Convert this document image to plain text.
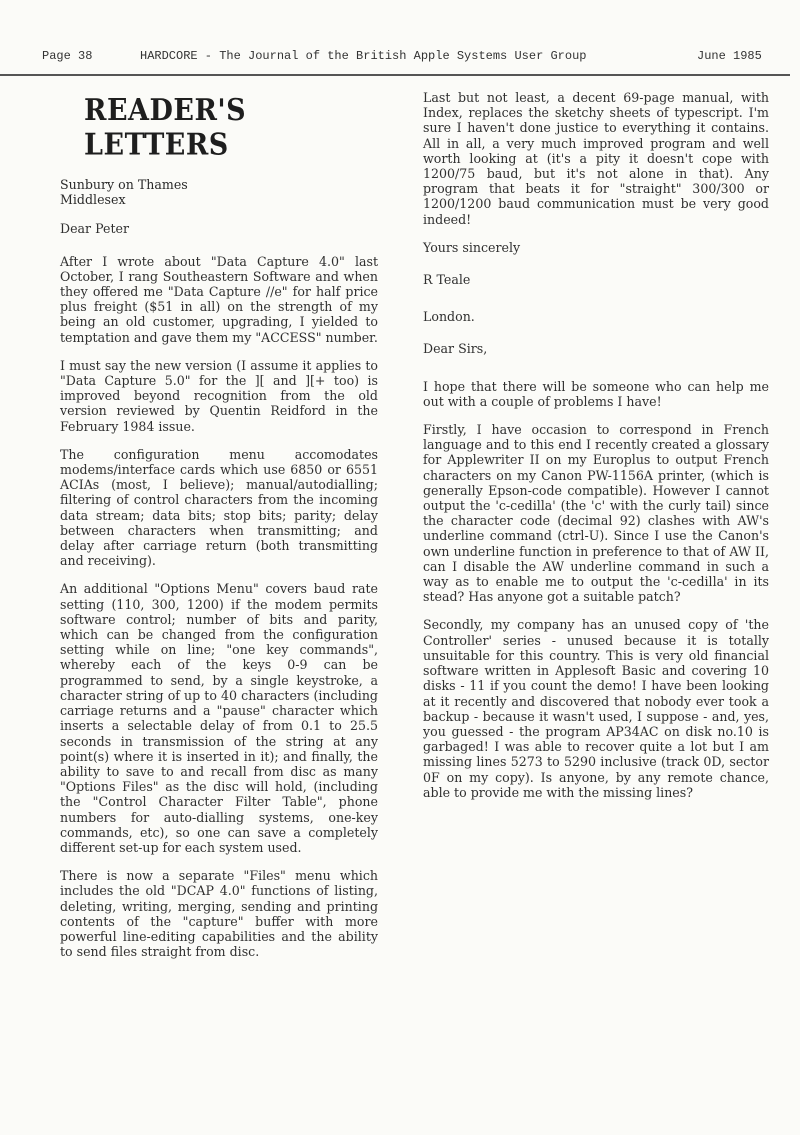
Page 38	HARDCORE - The Journal of the British Apple Systems User Group	June 1985
READER'S LETTERS
Sunbury on Thames
Middlesex

Dear Peter

After I wrote about "Data Capture 4.0" last October, I rang Southeastern Software and when they offered me "Data Capture //e" for half price plus freight ($51 in all) on the strength of my being an old customer, upgrading, I yielded to temptation and gave them my "ACCESS" number.

I must say the new version (I assume it applies to "Data Capture 5.0" for the ][ and ][+ too) is improved beyond recognition from the old version reviewed by Quentin Reidford in the February 1984 issue.

The configuration menu accomodates modems/interface cards which use 6850 or 6551 ACIAs (most, I believe); manual/autodialling; filtering of control characters from the incoming data stream; data bits; stop bits; parity; delay between characters when transmitting; and delay after carriage return (both transmitting and receiving).

An additional "Options Menu" covers baud rate setting (110, 300, 1200) if the modem permits software control; number of bits and parity, which can be changed from the configuration setting while on line; "one key commands", whereby each of the keys 0-9 can be programmed to send, by a single keystroke, a character string of up to 40 characters (including carriage returns and a "pause" character which inserts a selectable delay of from 0.1 to 25.5 seconds in transmission of the string at any point(s) where it is inserted in it); and finally, the ability to save to and recall from disc as many "Options Files" as the disc will hold, (including the "Control Character Filter Table", phone numbers for auto-dialling systems, one-key commands, etc), so one can save a completely different set-up for each system used.

There is now a separate "Files" menu which includes the old "DCAP 4.0" functions of listing, deleting, writing, merging, sending and printing contents of the "capture" buffer with more powerful line-editing capabilities and the ability to send files straight from disc.

Last but not least, a decent 69-page manual, with Index, replaces the sketchy sheets of typescript. I'm sure I haven't done justice to everything it contains. All in all, a very much improved program and well worth looking at (it's a pity it doesn't cope with 1200/75 baud, but it's not alone in that). Any program that beats it for "straight" 300/300 or 1200/1200 baud communication must be very good indeed!

Yours sincerely

R Teale

London.

Dear Sirs,

I hope that there will be someone who can help me out with a couple of problems I have!

Firstly, I have occasion to correspond in French language and to this end I recently created a glossary for Applewriter II on my Europlus to output French characters on my Canon PW-1156A printer, (which is generally Epson-code compatible). However I cannot output the 'c-cedilla' (the 'c' with the curly tail) since the character code (decimal 92) clashes with AW's underline command (ctrl-U). Since I use the Canon's own underline function in preference to that of AW II, can I disable the AW underline command in such a way as to enable me to output the 'c-cedilla' in its stead? Has anyone got a suitable patch?

Secondly, my company has an unused copy of 'the Controller' series - unused because it is totally unsuitable for this country. This is very old financial software written in Applesoft Basic and covering 10 disks - 11 if you count the demo! I have been looking at it recently and discovered that nobody ever took a backup - because it wasn't used, I suppose - and, yes, you guessed - the program AP34AC on disk no.10 is garbaged! I was able to recover quite a lot but I am missing lines 5273 to 5290 inclusive (track 0D, sector 0F on my copy). Is anyone, by any remote chance, able to provide me with the missing lines?
